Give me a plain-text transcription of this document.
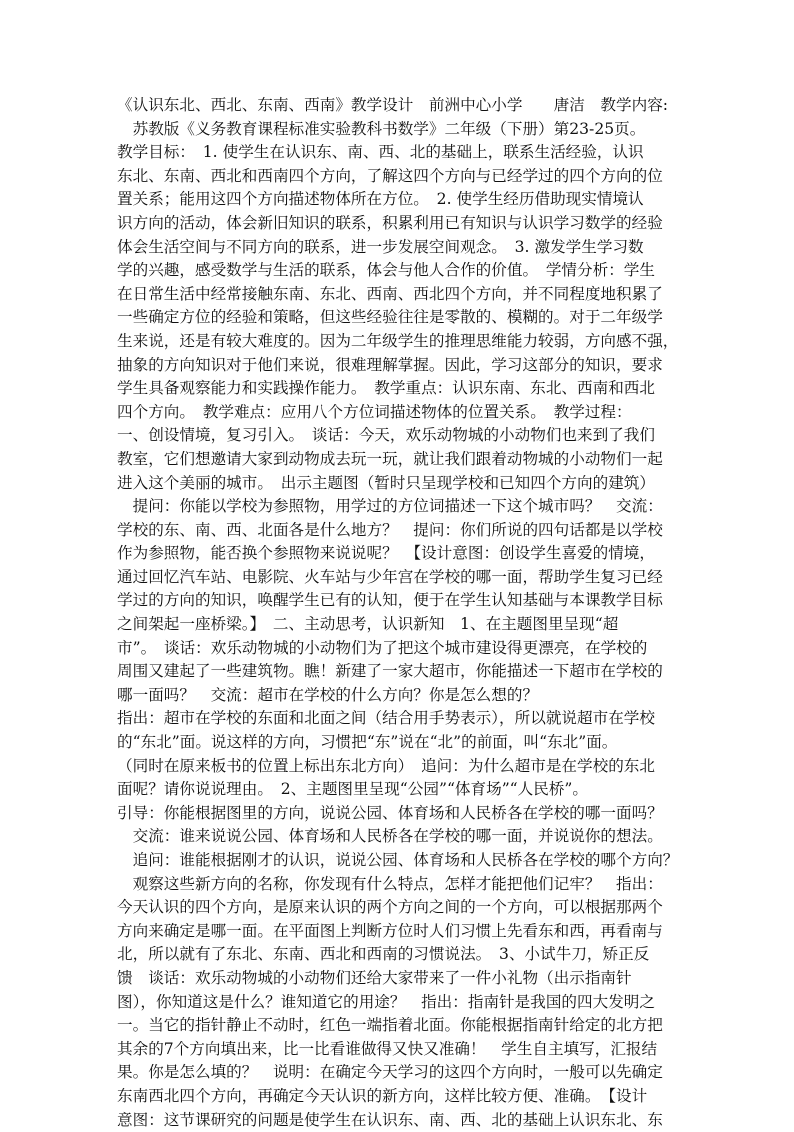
《认识东北、西北、东南、西南》教学设计　前洲中心小学　　唐洁　教学内容:
　苏教版《义务教育课程标准实验教科书数学》二年级（下册）第23-25页。
教学目标：　1. 使学生在认识东、南、西、北的基础上，联系生活经验，认识
东北、东南、西北和西南四个方向，了解这四个方向与已经学过的四个方向的位
置关系；能用这四个方向描述物体所在方位。　2. 使学生经历借助现实情境认
识方向的活动，体会新旧知识的联系，积累利用已有知识与认识学习数学的经验
体会生活空间与不同方向的联系，进一步发展空间观念。　3. 激发学生学习数
学的兴趣，感受数学与生活的联系，体会与他人合作的价值。　学情分析：学生
在日常生活中经常接触东南、东北、西南、西北四个方向，并不同程度地积累了
一些确定方位的经验和策略，但这些经验往往是零散的、模糊的。对于二年级学
生来说，还是有较大难度的。因为二年级学生的推理思维能力较弱，方向感不强，
抽象的方向知识对于他们来说，很难理解掌握。因此，学习这部分的知识，要求
学生具备观察能力和实践操作能力。　教学重点：认识东南、东北、西南和西北
四个方向。　教学难点：应用八个方位词描述物体的位置关系。　教学过程：
一、创设情境，复习引入。　谈话：今天，欢乐动物城的小动物们也来到了我们
教室，它们想邀请大家到动物成去玩一玩，就让我们跟着动物城的小动物们一起
进入这个美丽的城市。　出示主题图（暂时只呈现学校和已知四个方向的建筑）
　提问：你能以学校为参照物，用学过的方位词描述一下这个城市吗？　交流：
学校的东、南、西、北面各是什么地方？　提问：你们所说的四句话都是以学校
作为参照物，能否换个参照物来说说呢？　【设计意图：创设学生喜爱的情境，
通过回忆汽车站、电影院、火车站与少年宫在学校的哪一面，帮助学生复习已经
学过的方向的知识，唤醒学生已有的认知，便于在学生认知基础与本课教学目标
之间架起一座桥梁。】　二、主动思考，认识新知　1、在主题图里呈现“超
市”。　谈话：欢乐动物城的小动物们为了把这个城市建设得更漂亮，在学校的
周围又建起了一些建筑物。瞧！新建了一家大超市，你能描述一下超市在学校的
哪一面吗？　交流：超市在学校的什么方向？你是怎么想的？
指出：超市在学校的东面和北面之间（结合用手势表示），所以就说超市在学校
的“东北”面。说这样的方向，习惯把“东”说在“北”的前面，叫“东北”面。
（同时在原来板书的位置上标出东北方向）　追问：为什么超市是在学校的东北
面呢？请你说说理由。　2、主题图里呈现“公园”“体育场”“人民桥”。
引导：你能根据图里的方向，说说公园、体育场和人民桥各在学校的哪一面吗？
　交流：谁来说说公园、体育场和人民桥各在学校的哪一面，并说说你的想法。
　追问：谁能根据刚才的认识，说说公园、体育场和人民桥各在学校的哪个方向？
　观察这些新方向的名称，你发现有什么特点，怎样才能把他们记牢？　指出：
今天认识的四个方向，是原来认识的两个方向之间的一个方向，可以根据那两个
方向来确定是哪一面。在平面图上判断方位时人们习惯上先看东和西，再看南与
北，所以就有了东北、东南、西北和西南的习惯说法。　3、小试牛刀，矫正反
馈　谈话：欢乐动物城的小动物们还给大家带来了一件小礼物（出示指南针
图），你知道这是什么？谁知道它的用途？　指出：指南针是我国的四大发明之
一。当它的指针静止不动时，红色一端指着北面。你能根据指南针给定的北方把
其余的7个方向填出来，比一比看谁做得又快又准确！　学生自主填写，汇报结
果。你是怎么填的？　说明：在确定今天学习的这四个方向时，一般可以先确定
东南西北四个方向，再确定今天认识的新方向，这样比较方便、准确。　【设计
意图：这节课研究的问题是使学生在认识东、南、西、北的基础上认识东北、东
